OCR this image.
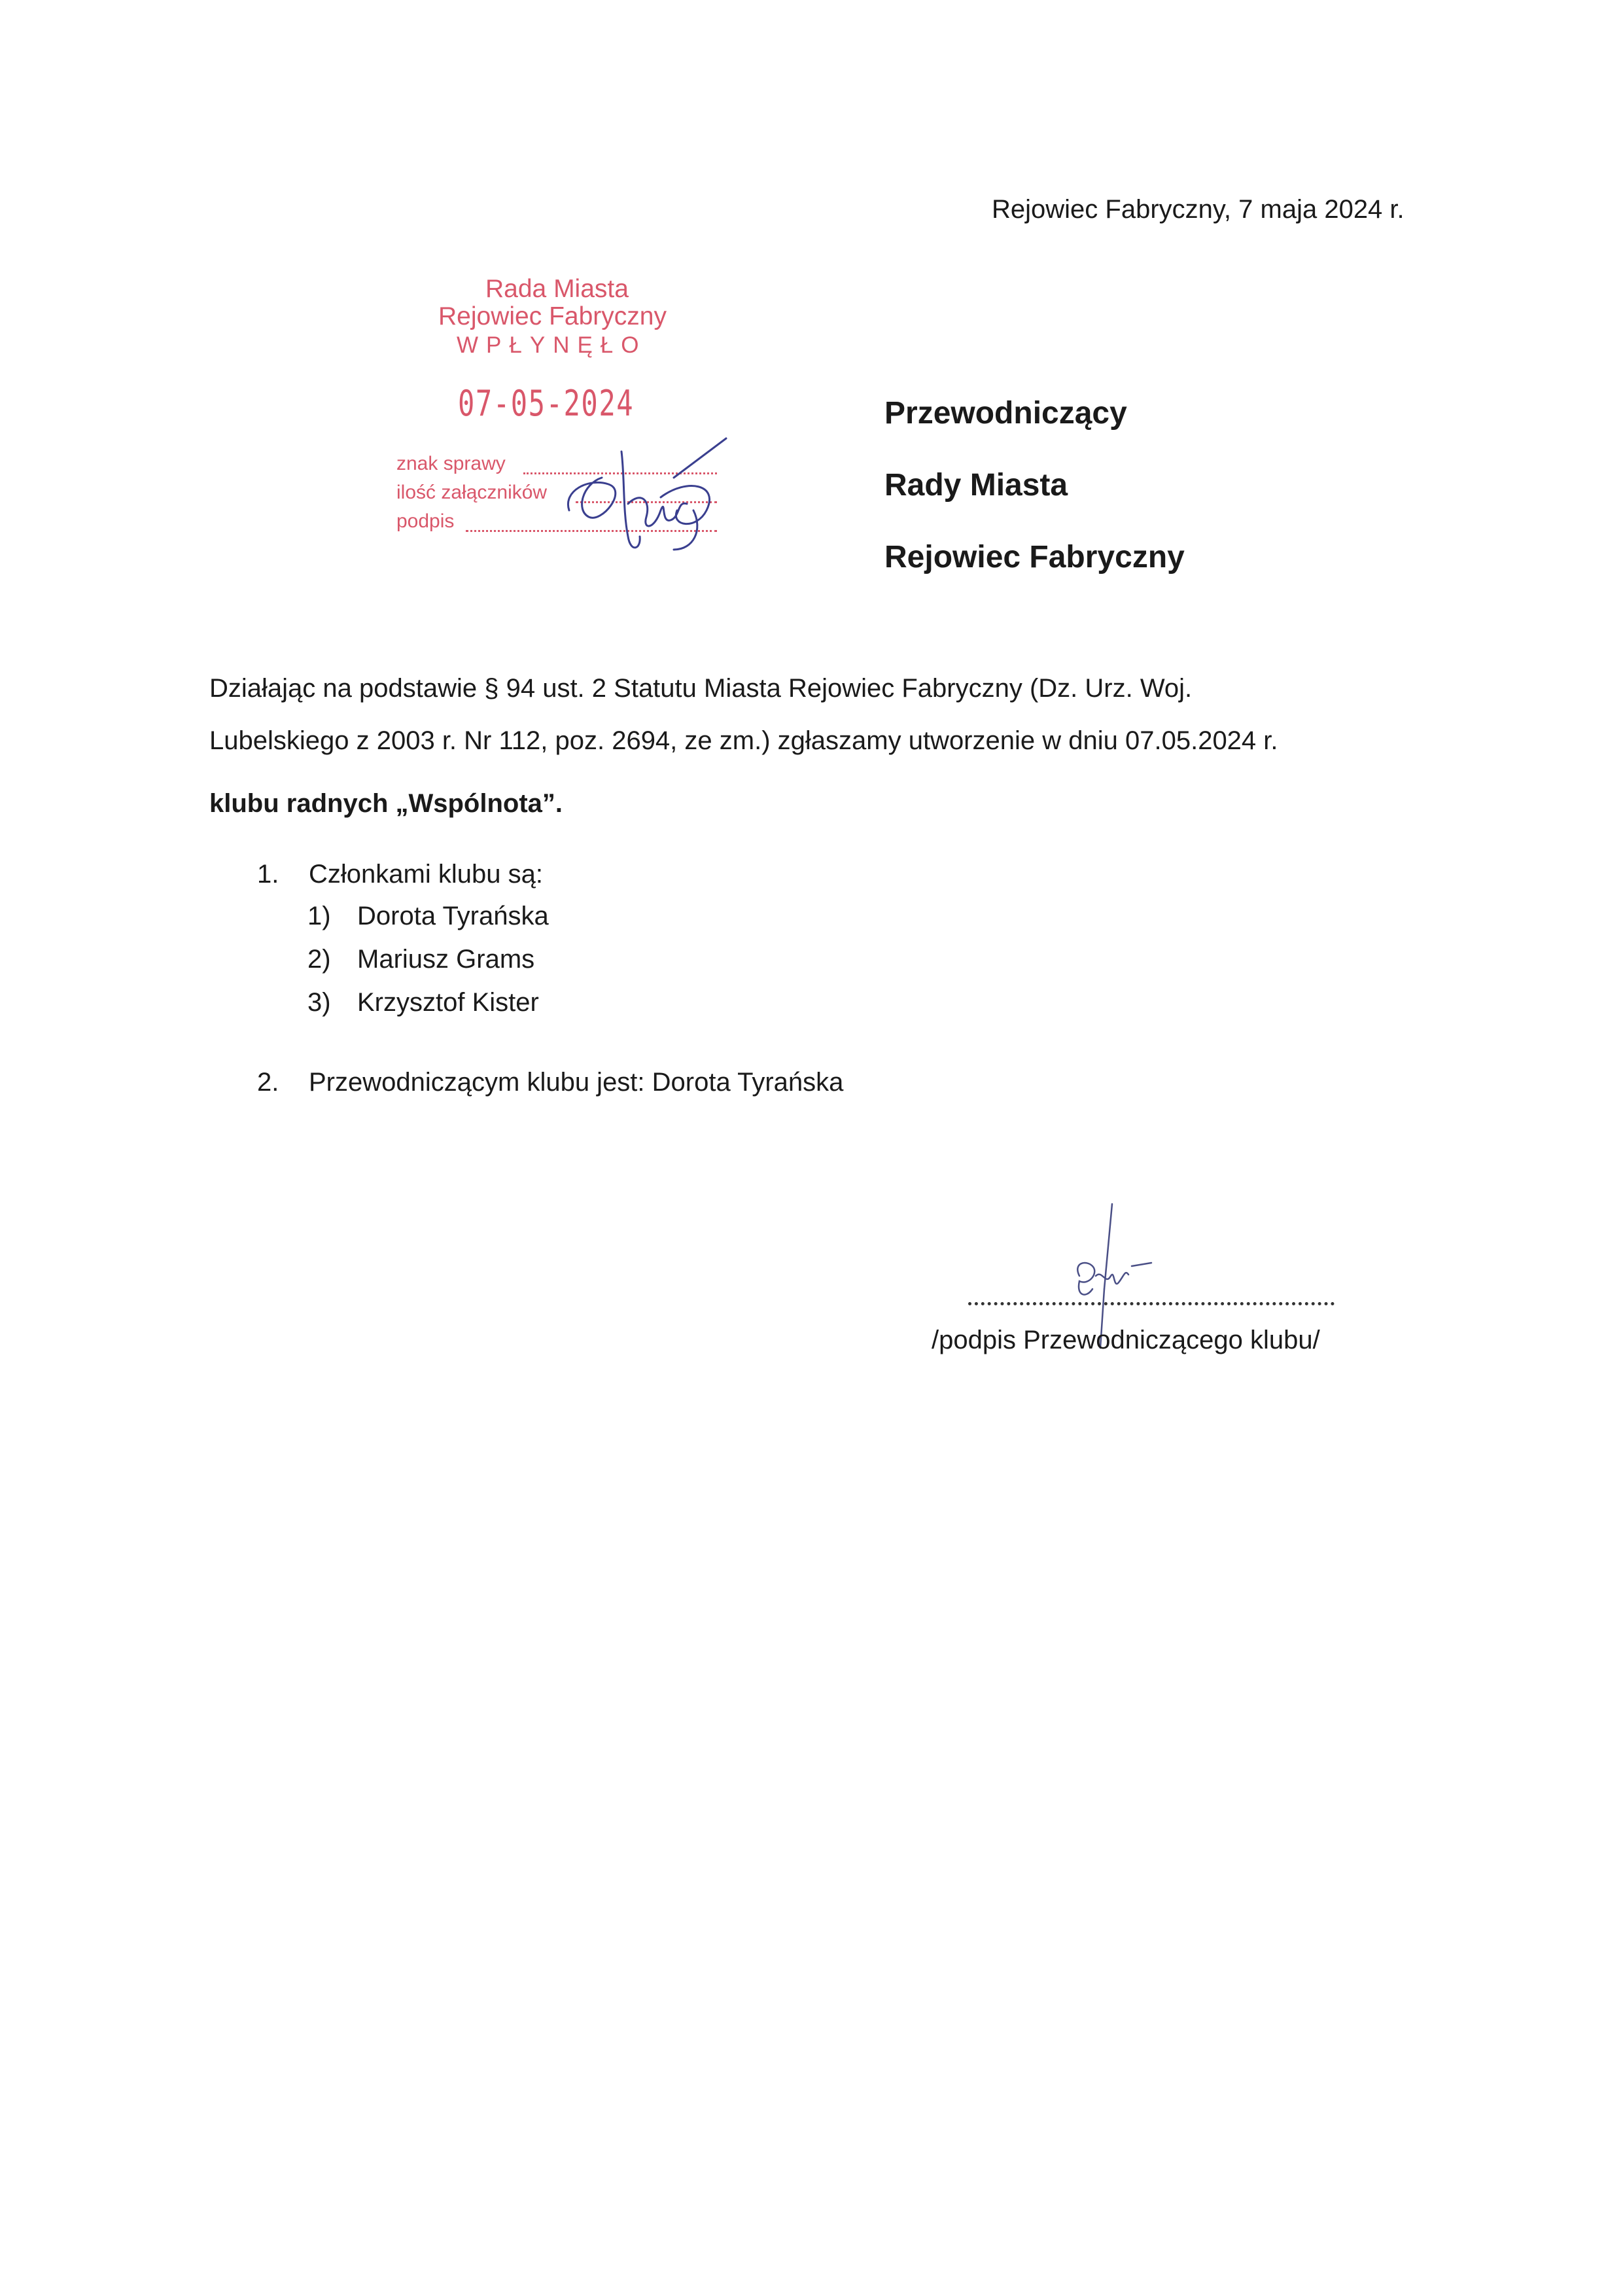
Rejowiec Fabryczny, 7 maja 2024 r.
Rada Miasta
Rejowiec Fabryczny
WPŁYNĘŁO
07-05-2024
znak sprawy
ilość załączników
podpis
Przewodniczący
Rady Miasta
Rejowiec Fabryczny
Działając na podstawie § 94 ust. 2 Statutu Miasta Rejowiec Fabryczny (Dz. Urz. Woj.
Lubelskiego z 2003 r. Nr 112, poz. 2694, ze zm.) zgłaszamy utworzenie w dniu 07.05.2024 r.
klubu radnych „Wspólnota”.
1. Członkami klubu są:
1) Dorota Tyrańska
2) Mariusz Grams
3) Krzysztof Kister
2. Przewodniczącym klubu jest: Dorota Tyrańska
/podpis Przewodniczącego klubu/
